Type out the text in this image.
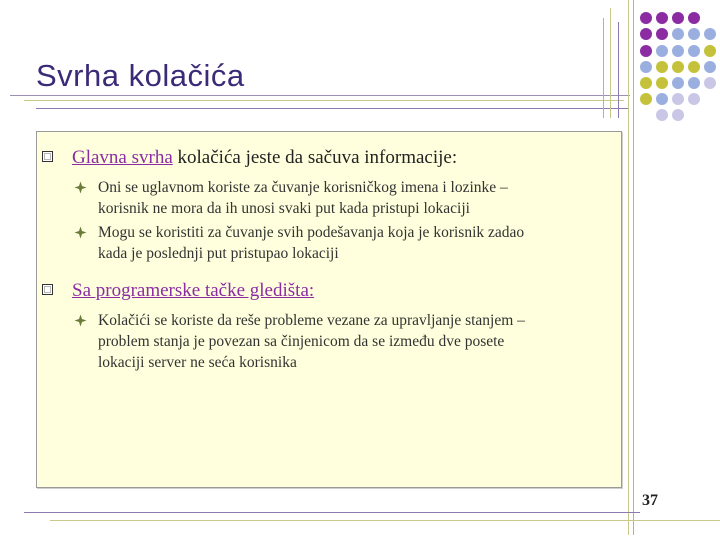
Svrha kolačića
Glavna svrha kolačića jeste da sačuva informacije:
Oni se uglavnom koriste za čuvanje korisničkog imena i lozinke –
korisnik ne mora da ih unosi svaki put kada pristupi lokaciji
Mogu se koristiti za čuvanje svih podešavanja koja je korisnik zadao
kada je poslednji put pristupao lokaciji
Sa programerske tačke gledišta:
Kolačići se koriste da reše probleme vezane za upravljanje stanjem –
problem stanja je povezan sa činjenicom da se između dve posete
lokaciji server ne seća korisnika
37
